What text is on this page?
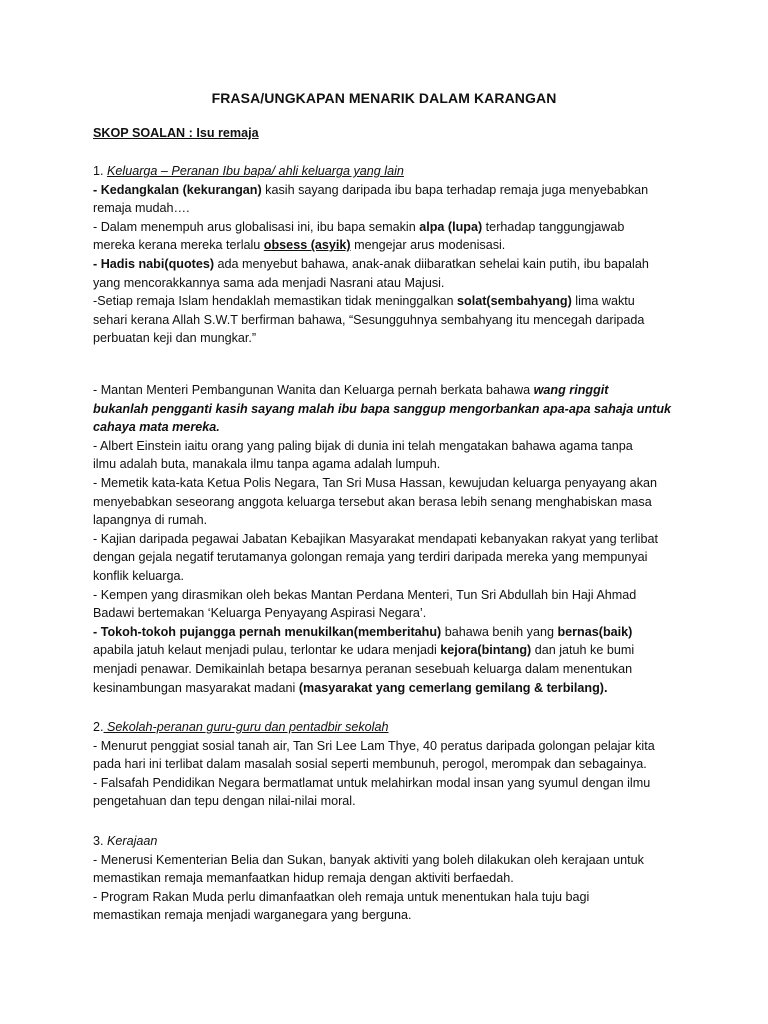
FRASA/UNGKAPAN MENARIK DALAM KARANGAN
SKOP SOALAN : Isu remaja
1. Keluarga – Peranan Ibu bapa/ ahli keluarga yang lain
- Kedangkalan (kekurangan) kasih sayang daripada ibu bapa terhadap remaja juga menyebabkan
remaja mudah….
- Dalam menempuh arus globalisasi ini, ibu bapa semakin alpa (lupa) terhadap tanggungjawab
mereka kerana mereka terlalu obsess (asyik) mengejar arus modenisasi.
- Hadis nabi(quotes) ada menyebut bahawa, anak-anak diibaratkan sehelai kain putih, ibu bapalah
yang mencorakkannya sama ada menjadi Nasrani atau Majusi.
-Setiap remaja Islam hendaklah memastikan tidak meninggalkan solat(sembahyang) lima waktu
sehari kerana Allah S.W.T berfirman bahawa, “Sesungguhnya sembahyang itu mencegah daripada
perbuatan keji dan mungkar.”
- Mantan Menteri Pembangunan Wanita dan Keluarga pernah berkata bahawa wang ringgit
bukanlah pengganti kasih sayang malah ibu bapa sanggup mengorbankan apa-apa sahaja untuk
cahaya mata mereka.
- Albert Einstein iaitu orang yang paling bijak di dunia ini telah mengatakan bahawa agama tanpa
ilmu adalah buta, manakala ilmu tanpa agama adalah lumpuh.
- Memetik kata-kata Ketua Polis Negara, Tan Sri Musa Hassan, kewujudan keluarga penyayang akan
menyebabkan seseorang anggota keluarga tersebut akan berasa lebih senang menghabiskan masa
lapangnya di rumah.
- Kajian daripada pegawai Jabatan Kebajikan Masyarakat mendapati kebanyakan rakyat yang terlibat
dengan gejala negatif terutamanya golongan remaja yang terdiri daripada mereka yang mempunyai
konflik keluarga.
- Kempen yang dirasmikan oleh bekas Mantan Perdana Menteri, Tun Sri Abdullah bin Haji Ahmad
Badawi bertemakan ‘Keluarga Penyayang Aspirasi Negara’.
- Tokoh-tokoh pujangga pernah menukilkan(memberitahu) bahawa benih yang bernas(baik)
apabila jatuh kelaut menjadi pulau, terlontar ke udara menjadi kejora(bintang) dan jatuh ke bumi
menjadi penawar. Demikainlah betapa besarnya peranan sesebuah keluarga dalam menentukan
kesinambungan masyarakat madani (masyarakat yang cemerlang gemilang & terbilang).
2. Sekolah-peranan guru-guru dan pentadbir sekolah
- Menurut penggiat sosial tanah air, Tan Sri Lee Lam Thye, 40 peratus daripada golongan pelajar kita
pada hari ini terlibat dalam masalah sosial seperti membunuh, perogol, merompak dan sebagainya.
- Falsafah Pendidikan Negara bermatlamat untuk melahirkan modal insan yang syumul dengan ilmu
pengetahuan dan tepu dengan nilai-nilai moral.
3. Kerajaan
- Menerusi Kementerian Belia dan Sukan, banyak aktiviti yang boleh dilakukan oleh kerajaan untuk
memastikan remaja memanfaatkan hidup remaja dengan aktiviti berfaedah.
- Program Rakan Muda perlu dimanfaatkan oleh remaja untuk menentukan hala tuju bagi
memastikan remaja menjadi warganegara yang berguna.
